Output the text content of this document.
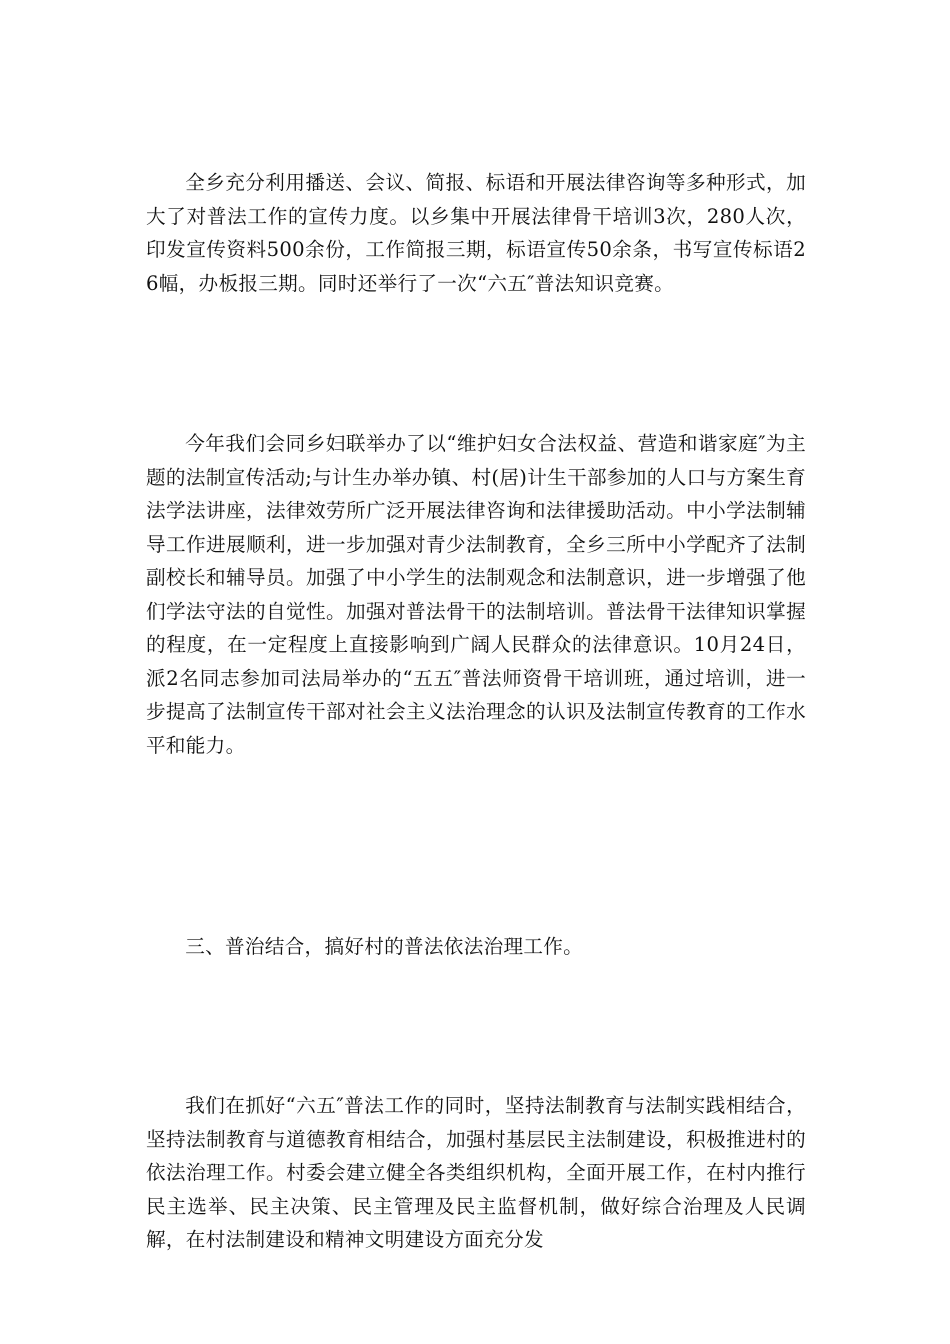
全乡充分利用播送、会议、简报、标语和开展法律咨询等多种形式，加大了对普法工作的宣传力度。以乡集中开展法律骨干培训3次，280人次，印发宣传资料500余份，工作简报三期，标语宣传50余条，书写宣传标语26幅，办板报三期。同时还举行了一次“六五″普法知识竞赛。

今年我们会同乡妇联举办了以“维护妇女合法权益、营造和谐家庭″为主题的法制宣传活动;与计生办举办镇、村(居)计生干部参加的人口与方案生育法学法讲座，法律效劳所广泛开展法律咨询和法律援助活动。中小学法制辅导工作进展顺利，进一步加强对青少法制教育，全乡三所中小学配齐了法制副校长和辅导员。加强了中小学生的法制观念和法制意识，进一步增强了他们学法守法的自觉性。加强对普法骨干的法制培训。普法骨干法律知识掌握的程度，在一定程度上直接影响到广阔人民群众的法律意识。10月24日，派2名同志参加司法局举办的“五五″普法师资骨干培训班，通过培训，进一步提高了法制宣传干部对社会主义法治理念的认识及法制宣传教育的工作水平和能力。

三、普治结合，搞好村的普法依法治理工作。

我们在抓好“六五″普法工作的同时，坚持法制教育与法制实践相结合，坚持法制教育与道德教育相结合，加强村基层民主法制建设，积极推进村的依法治理工作。村委会建立健全各类组织机构，全面开展工作，在村内推行民主选举、民主决策、民主管理及民主监督机制，做好综合治理及人民调解，在村法制建设和精神文明建设方面充分发
